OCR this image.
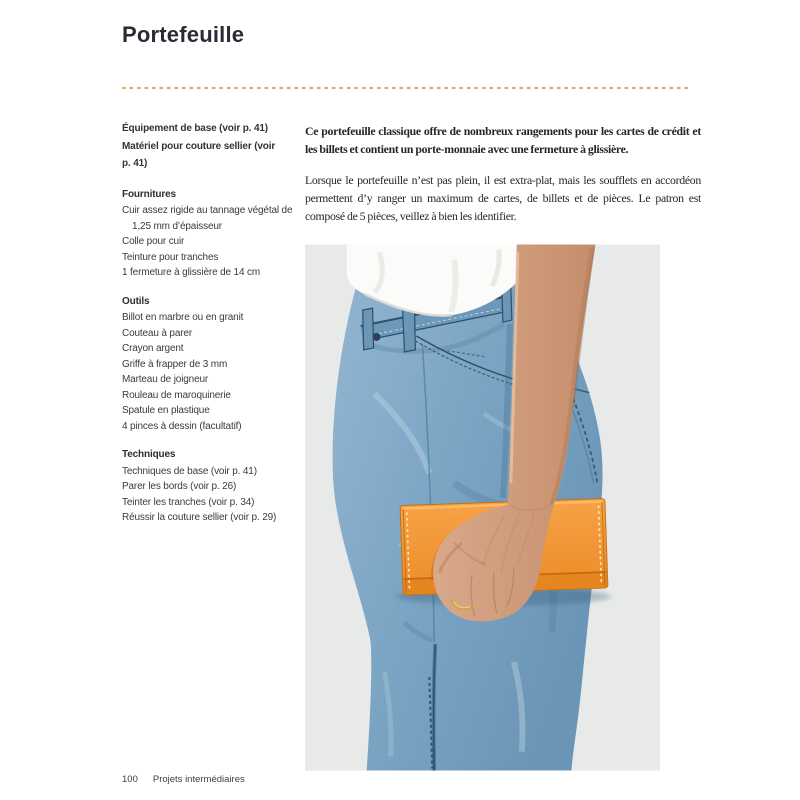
Portefeuille
Équipement de base (voir p. 41)
Matériel pour couture sellier (voir p. 41)
Fournitures
Cuir assez rigide au tannage végétal de 1,25 mm d’épaisseur
Colle pour cuir
Teinture pour tranches
1 fermeture à glissière de 14 cm
Outils
Billot en marbre ou en granit
Couteau à parer
Crayon argent
Griffe à frapper de 3 mm
Marteau de joigneur
Rouleau de maroquinerie
Spatule en plastique
4 pinces à dessin (facultatif)
Techniques
Techniques de base (voir p. 41)
Parer les bords (voir p. 26)
Teinter les tranches (voir p. 34)
Réussir la couture sellier (voir p. 29)

Ce portefeuille classique offre de nombreux rangements pour les cartes de crédit et les billets et contient un porte-monnaie avec une fermeture à glissière.

Lorsque le portefeuille n’est pas plein, il est extra-plat, mais les soufflets en accordéon permettent d’y ranger un maximum de cartes, de billets et de pièces. Le patron est composé de 5 pièces, veillez à bien les identifier.

100 Projets intermédiaires
